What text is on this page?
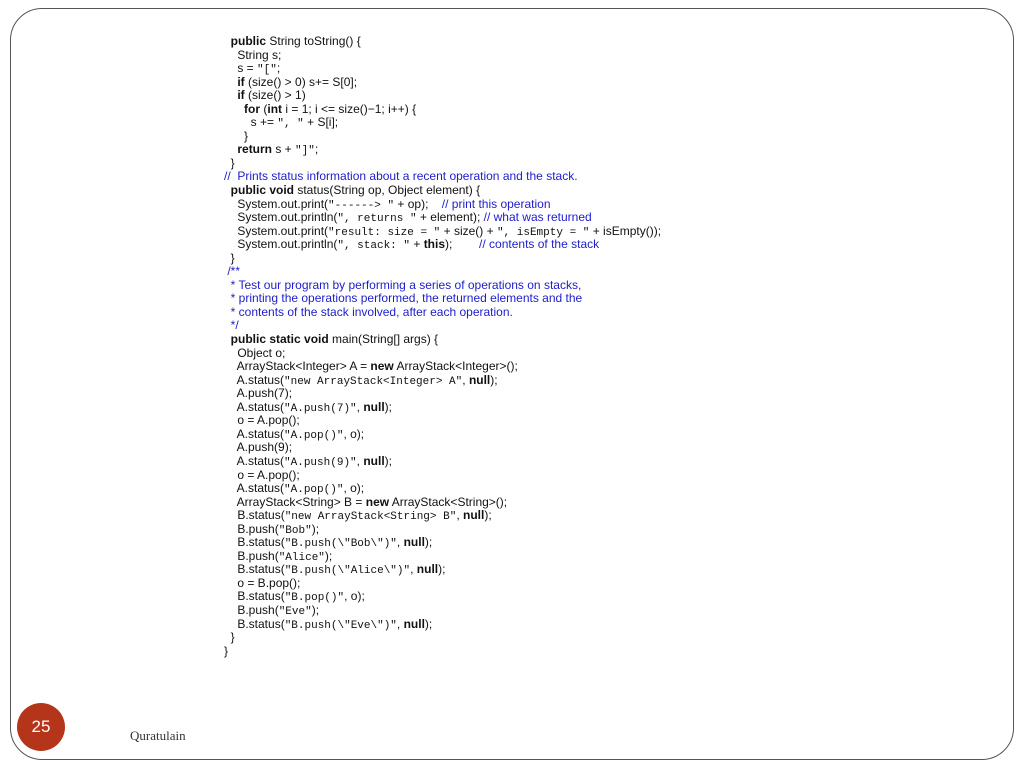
public String toString() {
String s;
s = "[";
if (size() > 0) s+= S[0];
if (size() > 1)
for (int i = 1; i <= size()−1; i++) {
s += ", " + S[i];
}
return s + "]";
}
//  Prints status information about a recent operation and the stack.
public void status(String op, Object element) {
System.out.print("------> " + op);    // print this operation
System.out.println(", returns " + element); // what was returned
System.out.print("result: size = " + size() + ", isEmpty = " + isEmpty());
System.out.println(", stack: " + this);        // contents of the stack
}
/**
* Test our program by performing a series of operations on stacks,
* printing the operations performed, the returned elements and the
* contents of the stack involved, after each operation.
*/
public static void main(String[] args) {
Object o;
ArrayStack<Integer> A = new ArrayStack<Integer>();
A.status("new ArrayStack<Integer> A", null);
A.push(7);
A.status("A.push(7)", null);
o = A.pop();
A.status("A.pop()", o);
A.push(9);
A.status("A.push(9)", null);
o = A.pop();
A.status("A.pop()", o);
ArrayStack<String> B = new ArrayStack<String>();
B.status("new ArrayStack<String> B", null);
B.push("Bob");
B.status("B.push(\"Bob\")", null);
B.push("Alice");
B.status("B.push(\"Alice\")", null);
o = B.pop();
B.status("B.pop()", o);
B.push("Eve");
B.status("B.push(\"Eve\")", null);
}
}
25	Quratulain
